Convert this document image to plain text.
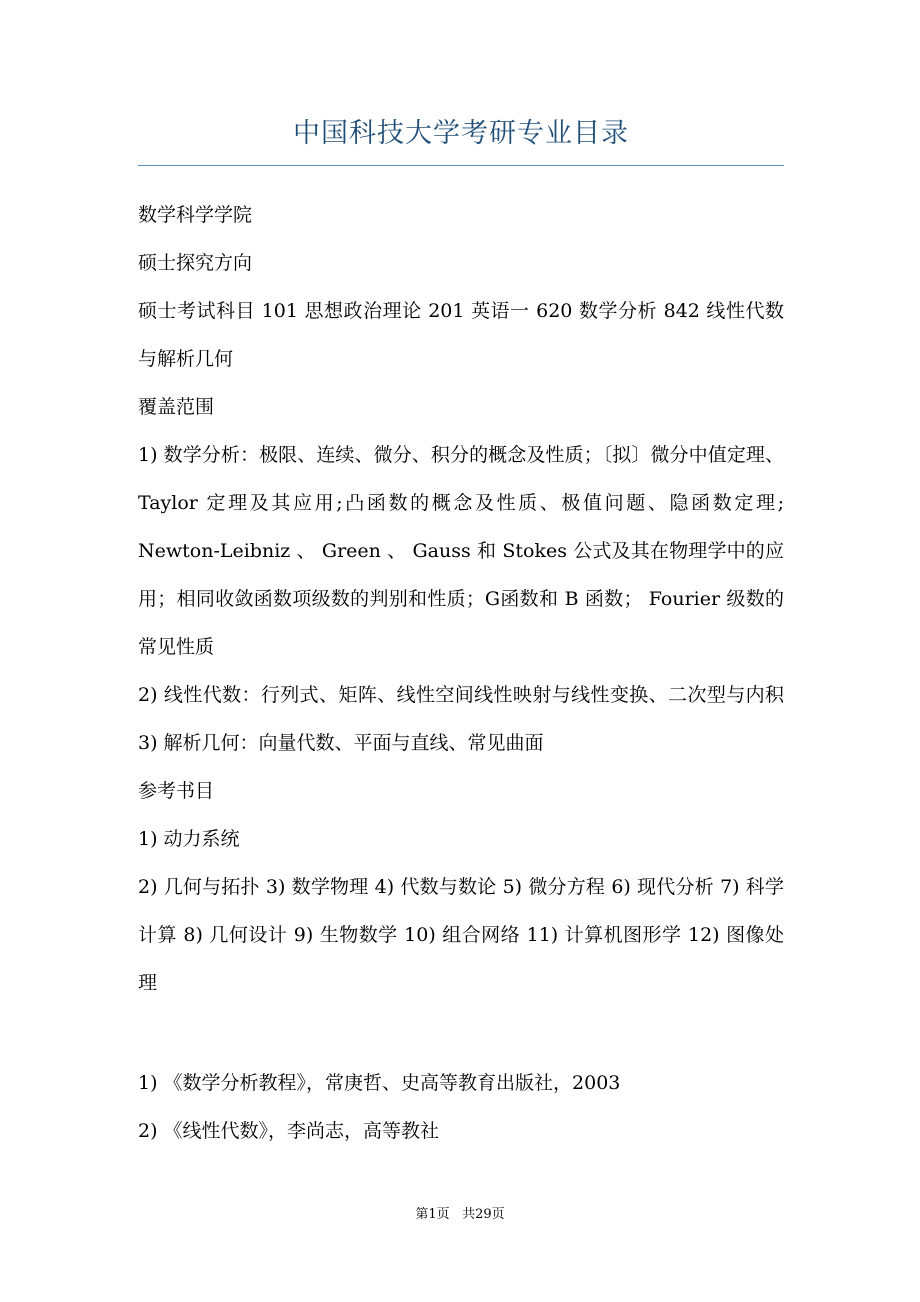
中国科技大学考研专业目录

数学科学学院

硕士探究方向

硕士考试科目 101 思想政治理论 201 英语一 620 数学分析 842 线性代数与解析几何

覆盖范围

1) 数学分析：极限、连续、微分、积分的概念及性质；〔拟〕微分中值定理、 Taylor 定理及其应用;凸函数的概念及性质、极值问题、隐函数定理; Newton-Leibniz 、 Green 、 Gauss 和 Stokes 公式及其在物理学中的应用；相同收敛函数项级数的判别和性质；G函数和 B 函数； Fourier 级数的常见性质

2) 线性代数：行列式、矩阵、线性空间线性映射与线性变换、二次型与内积 3) 解析几何：向量代数、平面与直线、常见曲面

参考书目

1) 动力系统

2) 几何与拓扑 3) 数学物理 4) 代数与数论 5) 微分方程 6) 现代分析 7) 科学计算 8) 几何设计 9) 生物数学 10) 组合网络 11) 计算机图形学 12) 图像处理

1) 《数学分析教程》，常庚哲、史高等教育出版社，2003

2) 《线性代数》，李尚志，高等教社

第1页 共29页
